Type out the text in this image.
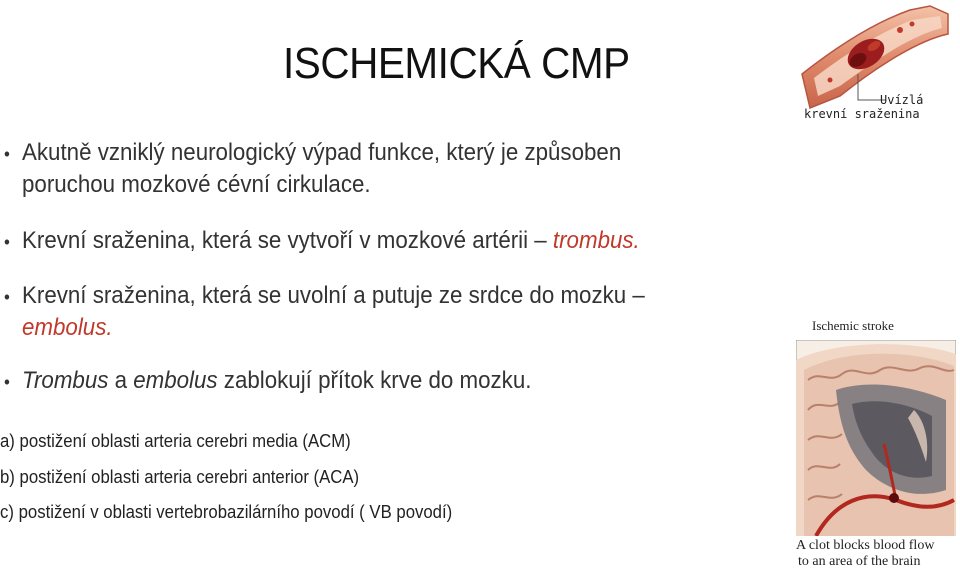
ISCHEMICKÁ CMP
• Akutně vzniklý neurologický výpad funkce, který je způsoben
poruchou mozkové cévní cirkulace.
• Krevní sraženina, která se vytvoří v mozkové artérii – trombus.
• Krevní sraženina, která se uvolní a putuje ze srdce do mozku –
embolus.
• Trombus a embolus zablokují přítok krve do mozku.
a) postižení oblasti arteria cerebri media (ACM)
b) postižení oblasti arteria cerebri anterior (ACA)
c) postižení v oblasti vertebrobazilárního povodí ( VB povodí)
Uvízlá
krevní sraženina
Ischemic stroke
A clot blocks blood flow
to an area of the brain
